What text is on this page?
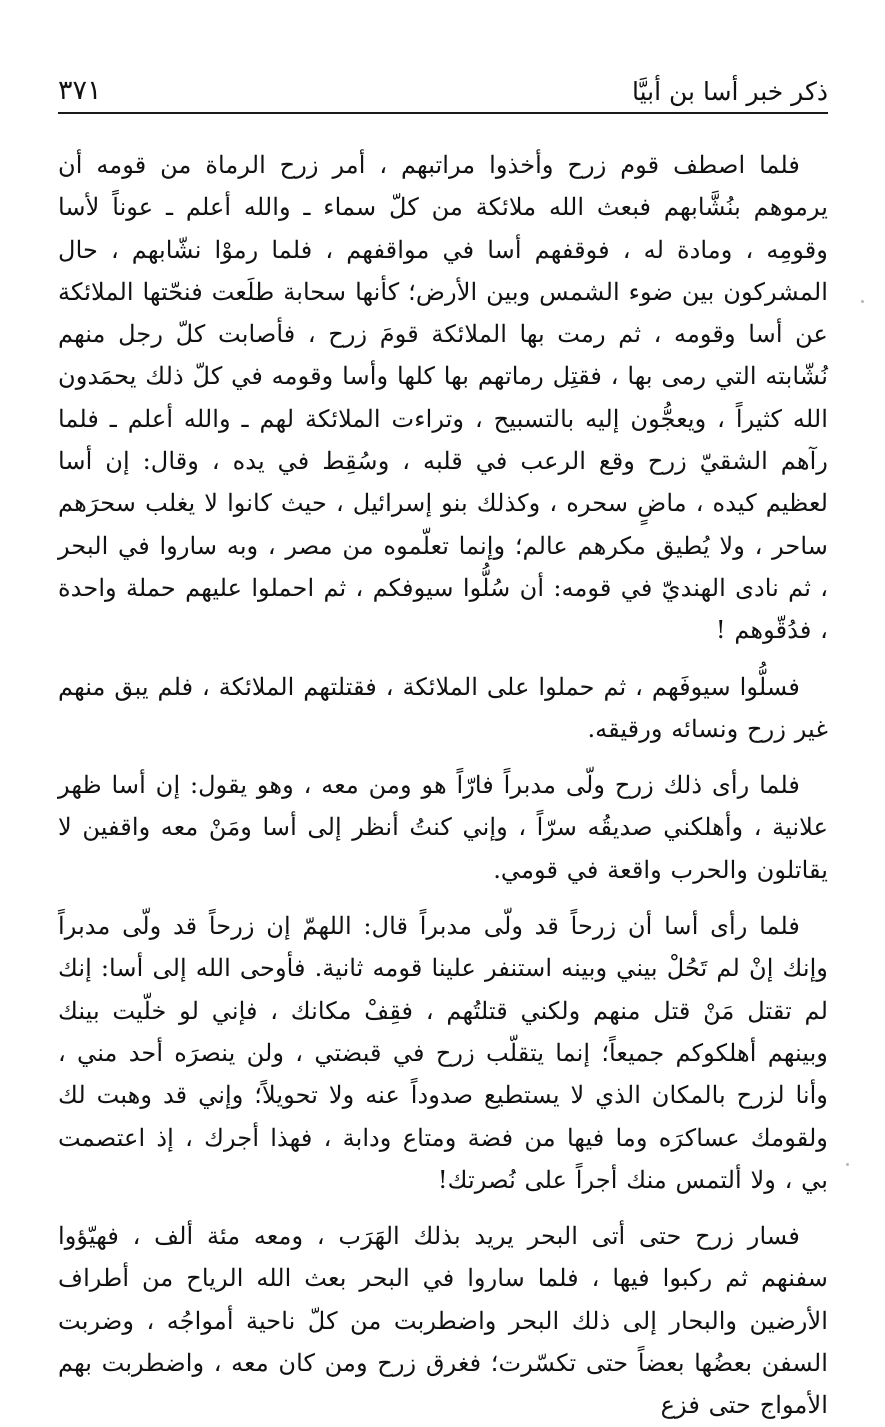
ذكر خبر أسا بن أبيَّا
٣٧١

فلما اصطف قوم زرح وأخذوا مراتبهم ، أمر زرح الرماة من قومه أن يرموهم بنُشَّابهم فبعث الله ملائكة من كلّ سماء ـ والله أعلم ـ عوناً لأسا وقومِه ، ومادة له ، فوقفهم أسا في مواقفهم ، فلما رموْا نشّابهم ، حال المشركون بين ضوء الشمس وبين الأرض؛ كأنها سحابة طلَعت فنحّتها الملائكة عن أسا وقومه ، ثم رمت بها الملائكة قومَ زرح ، فأصابت كلّ رجل منهم نُشّابته التي رمى بها ، فقتِل رماتهم بها كلها وأسا وقومه في كلّ ذلك يحمَدون الله كثيراً ، ويعجُّون إليه بالتسبيح ، وتراءت الملائكة لهم ـ والله أعلم ـ فلما رآهم الشقيّ زرح وقع الرعب في قلبه ، وسُقِط في يده ، وقال: إن أسا لعظيم كيده ، ماضٍ سحره ، وكذلك بنو إسرائيل ، حيث كانوا لا يغلب سحرَهم ساحر ، ولا يُطيق مكرهم عالم؛ وإنما تعلّموه من مصر ، وبه ساروا في البحر ، ثم نادى الهنديّ في قومه: أن سُلُّوا سيوفكم ، ثم احملوا عليهم حملة واحدة ، فدُقّوهم !

فسلُّوا سيوفَهم ، ثم حملوا على الملائكة ، فقتلتهم الملائكة ، فلم يبق منهم غير زرح ونسائه ورقيقه.

فلما رأى ذلك زرح ولّى مدبراً فارّاً هو ومن معه ، وهو يقول: إن أسا ظهر علانية ، وأهلكني صديقُه سرّاً ، وإني كنتُ أنظر إلى أسا ومَنْ معه واقفين لا يقاتلون والحرب واقعة في قومي.

فلما رأى أسا أن زرحاً قد ولّى مدبراً قال: اللهمّ إن زرحاً قد ولّى مدبراً وإنك إنْ لم تَحُلْ بيني وبينه استنفر علينا قومه ثانية. فأوحى الله إلى أسا: إنك لم تقتل مَنْ قتل منهم ولكني قتلتُهم ، فقِفْ مكانك ، فإني لو خلّيت بينك وبينهم أهلكوكم جميعاً؛ إنما يتقلّب زرح في قبضتي ، ولن ينصرَه أحد مني ، وأنا لزرح بالمكان الذي لا يستطيع صدوداً عنه ولا تحويلاً؛ وإني قد وهبت لك ولقومك عساكرَه وما فيها من فضة ومتاع ودابة ، فهذا أجرك ، إذ اعتصمت بي ، ولا ألتمس منك أجراً على نُصرتك!

فسار زرح حتى أتى البحر يريد بذلك الهَرَب ، ومعه مئة ألف ، فهيّؤوا سفنهم ثم ركبوا فيها ، فلما ساروا في البحر بعث الله الرياح من أطراف الأرضين والبحار إلى ذلك البحر واضطربت من كلّ ناحية أمواجُه ، وضربت السفن بعضُها بعضاً حتى تكسّرت؛ فغرق زرح ومن كان معه ، واضطربت بهم الأمواج حتى فزع
